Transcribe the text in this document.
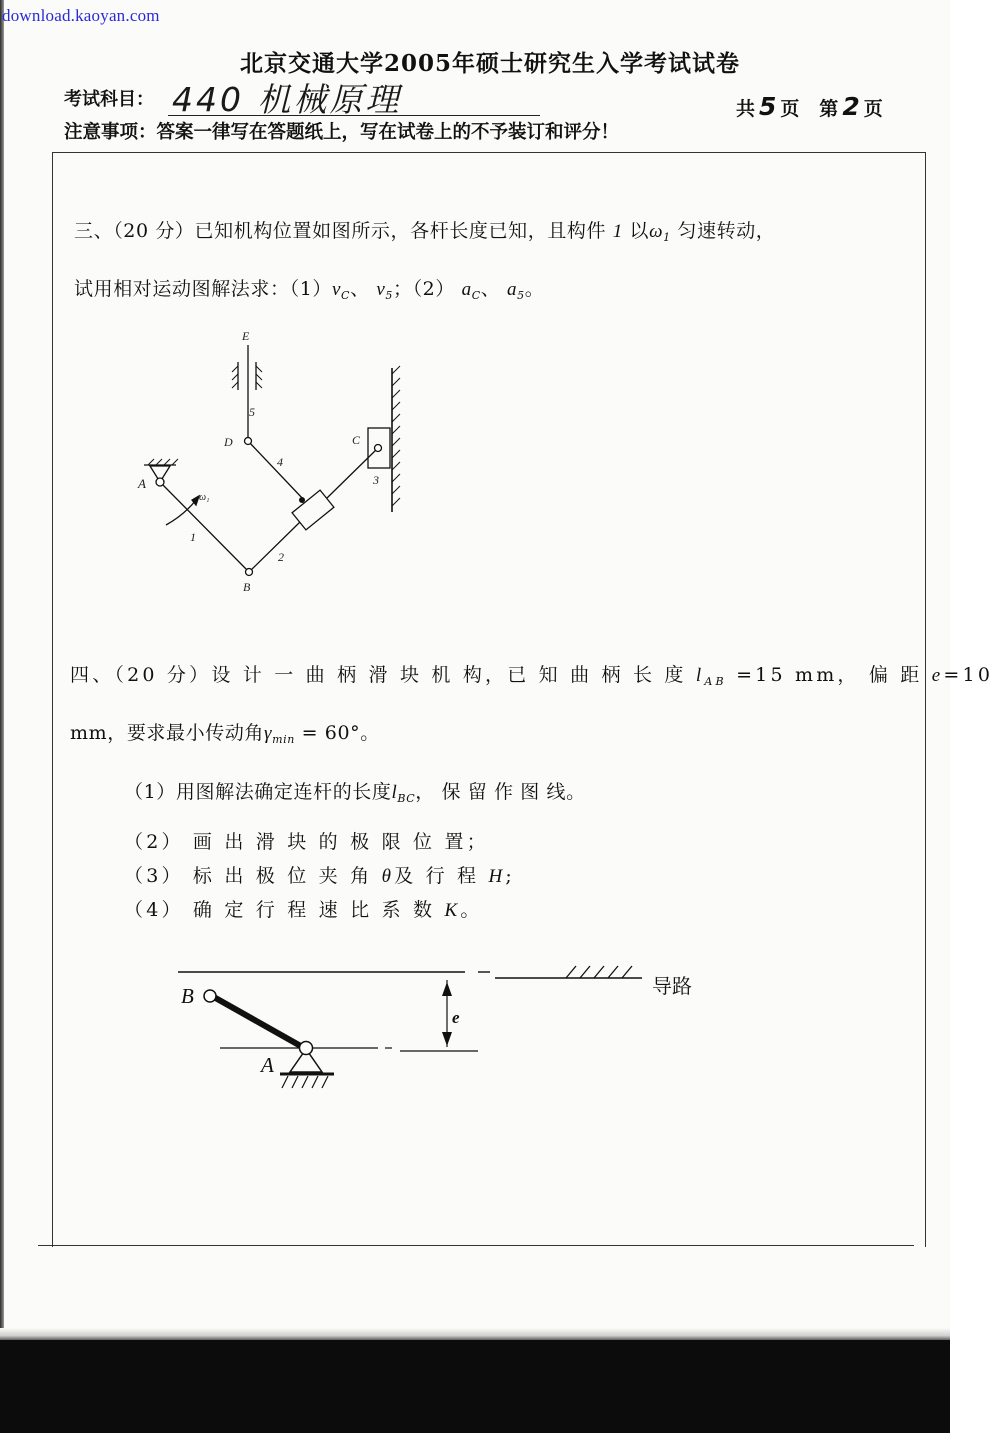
download.kaoyan.com
北京交通大学2005年硕士研究生入学考试试卷
考试科目： 440 机械原理	共 5 页 第 2 页
注意事项：答案一律写在答题纸上，写在试卷上的不予装订和评分！
三、（20 分）已知机构位置如图所示，各杆长度已知，且构件 1 以$\omega_1$ 匀速转动，
试用相对运动图解法求：$(1)v_C$、 $v_5$；（2） $a_C$、 $a_5$。
E
D	C
A
B
ω₁
1
2
3
4
5
四、（20 分）设 计 一 曲 柄 滑 块 机 构，已 知 曲 柄 长 度 $l_{AB} =15$ mm， 偏 距 e=10
mm，要求最小传动角$\gamma_{min} = 60^\circ$。
（1）用图解法确定连杆的长度$l_{BC}$， 保 留 作 图 线。
（2） 画 出 滑 块 的 极 限 位 置；
（3） 标 出 极 位 夹 角 θ及 行 程 H;
（4） 确 定 行 程 速 比 系 数 K。
B
A
e
导路
